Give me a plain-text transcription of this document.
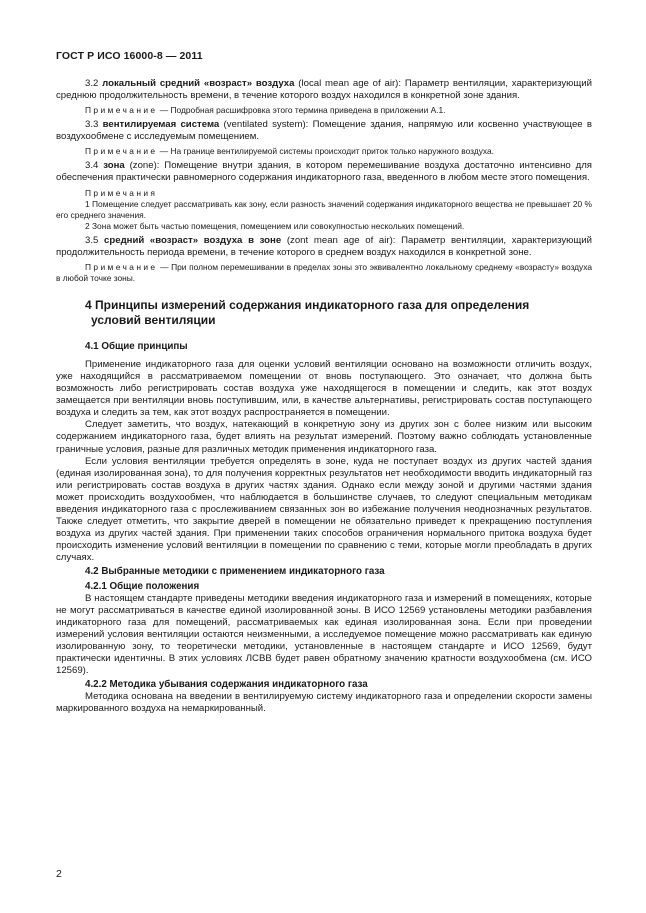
ГОСТ Р ИСО 16000-8 — 2011

3.2 локальный средний «возраст» воздуха (local mean age of air): Параметр вентиляции, характеризующий среднюю продолжительность времени, в течение которого воздух находился в конкретной зоне здания.

Примечание — Подробная расшифровка этого термина приведена в приложении А.1.

3.3 вентилируемая система (ventilated system): Помещение здания, напрямую или косвенно участвующее в воздухообмене с исследуемым помещением.

Примечание — На границе вентилируемой системы происходит приток только наружного воздуха.

3.4 зона (zone): Помещение внутри здания, в котором перемешивание воздуха достаточно интенсивно для обеспечения практически равномерного содержания индикаторного газа, введенного в любом месте этого помещения.

Примечания

1 Помещение следует рассматривать как зону, если разность значений содержания индикаторного вещества не превышает 20 % его среднего значения.

2 Зона может быть частью помещения, помещением или совокупностью нескольких помещений.

3.5 средний «возраст» воздуха в зоне (zont mean age of air): Параметр вентиляции, характеризующий продолжительность периода времени, в течение которого в среднем воздух находился в конкретной зоне.

Примечание — При полном перемешивании в пределах зоны это эквивалентно локальному среднему «возрасту» воздуха в любой точке зоны.

4 Принципы измерений содержания индикаторного газа для определения
условий вентиляции
4.1 Общие принципы

Применение индикаторного газа для оценки условий вентиляции основано на возможности отличить воздух, уже находящийся в рассматриваемом помещении от вновь поступающего. Это означает, что должна быть возможность либо регистрировать состав воздуха уже находящегося в помещении и следить, как этот воздух замещается при вентиляции вновь поступившим, или, в качестве альтернативы, регистрировать состав поступающего воздуха и следить за тем, как этот воздух распространяется в помещении.

Следует заметить, что воздух, натекающий в конкретную зону из других зон с более низким или высоким содержанием индикаторного газа, будет влиять на результат измерений. Поэтому важно соблюдать установленные граничные условия, разные для различных методик применения индикаторного газа.

Если условия вентиляции требуется определять в зоне, куда не поступает воздух из других частей здания (единая изолированная зона), то для получения корректных результатов нет необходимости вводить индикаторный газ или регистрировать состав воздуха в других частях здания. Однако если между зоной и другими частями здания может происходить воздухообмен, что наблюдается в большинстве случаев, то следуют специальным методикам введения индикаторного газа с прослеживанием связанных зон во избежание получения неоднозначных результатов. Также следует отметить, что закрытие дверей в помещении не обязательно приведет к прекращению поступления воздуха из других частей здания. При применении таких способов ограничения нормального притока воздуха будет происходить изменение условий вентиляции в помещении по сравнению с теми, которые могли преобладать в других случаях.

4.2 Выбранные методики с применением индикаторного газа
4.2.1 Общие положения

В настоящем стандарте приведены методики введения индикаторного газа и измерений в помещениях, которые не могут рассматриваться в качестве единой изолированной зоны. В ИСО 12569 установлены методики разбавления индикаторного газа для помещений, рассматриваемых как единая изолированная зона. Если при проведении измерений условия вентиляции остаются неизменными, а исследуемое помещение можно рассматривать как единую изолированную зону, то теоретически методики, установленные в настоящем стандарте и ИСО 12569, будут практически идентичны. В этих условиях ЛСВВ будет равен обратному значению кратности воздухообмена (см. ИСО 12569).

4.2.2 Методика убывания содержания индикаторного газа

Методика основана на введении в вентилируемую систему индикаторного газа и определении скорости замены маркированного воздуха на немаркированный.

2
